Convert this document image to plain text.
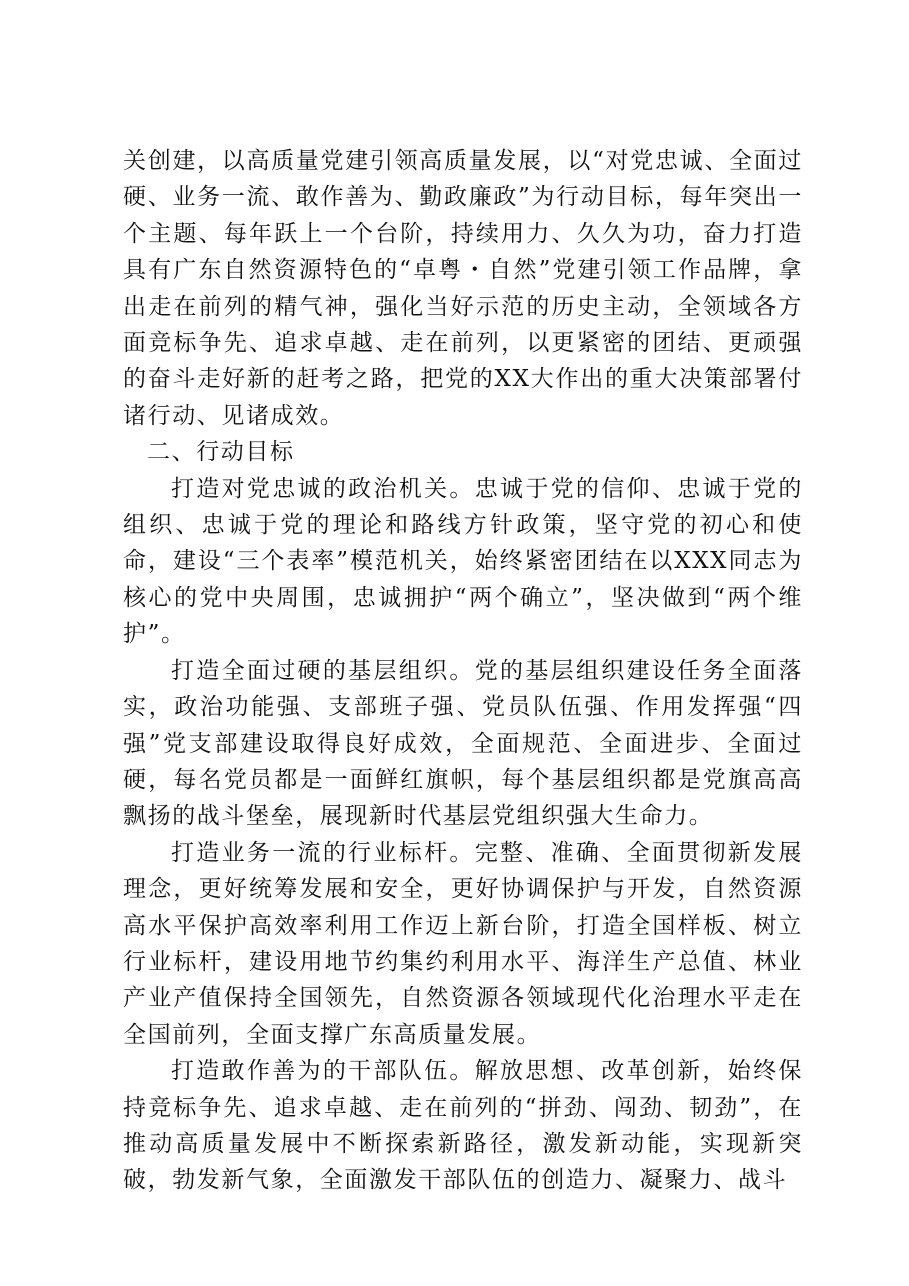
关创建，以高质量党建引领高质量发展，以“对党忠诚、全面过硬、业务一流、敢作善为、勤政廉政”为行动目标，每年突出一个主题、每年跃上一个台阶，持续用力、久久为功，奋力打造具有广东自然资源特色的“卓粤・自然”党建引领工作品牌，拿出走在前列的精气神，强化当好示范的历史主动，全领域各方面竞标争先、追求卓越、走在前列，以更紧密的团结、更顽强的奋斗走好新的赶考之路，把党的XX大作出的重大决策部署付诸行动、见诸成效。

二、行动目标

打造对党忠诚的政治机关。忠诚于党的信仰、忠诚于党的组织、忠诚于党的理论和路线方针政策，坚守党的初心和使命，建设“三个表率”模范机关，始终紧密团结在以XXX同志为核心的党中央周围，忠诚拥护“两个确立”，坚决做到“两个维护”。

打造全面过硬的基层组织。党的基层组织建设任务全面落实，政治功能强、支部班子强、党员队伍强、作用发挥强“四强”党支部建设取得良好成效，全面规范、全面进步、全面过硬，每名党员都是一面鲜红旗帜，每个基层组织都是党旗高高飘扬的战斗堡垒，展现新时代基层党组织强大生命力。

打造业务一流的行业标杆。完整、准确、全面贯彻新发展理念，更好统筹发展和安全，更好协调保护与开发，自然资源高水平保护高效率利用工作迈上新台阶，打造全国样板、树立行业标杆，建设用地节约集约利用水平、海洋生产总值、林业产业产值保持全国领先，自然资源各领域现代化治理水平走在全国前列，全面支撑广东高质量发展。

打造敢作善为的干部队伍。解放思想、改革创新，始终保持竞标争先、追求卓越、走在前列的“拼劲、闯劲、韧劲”，在推动高质量发展中不断探索新路径，激发新动能，实现新突破，勃发新气象，全面激发干部队伍的创造力、凝聚力、战斗
